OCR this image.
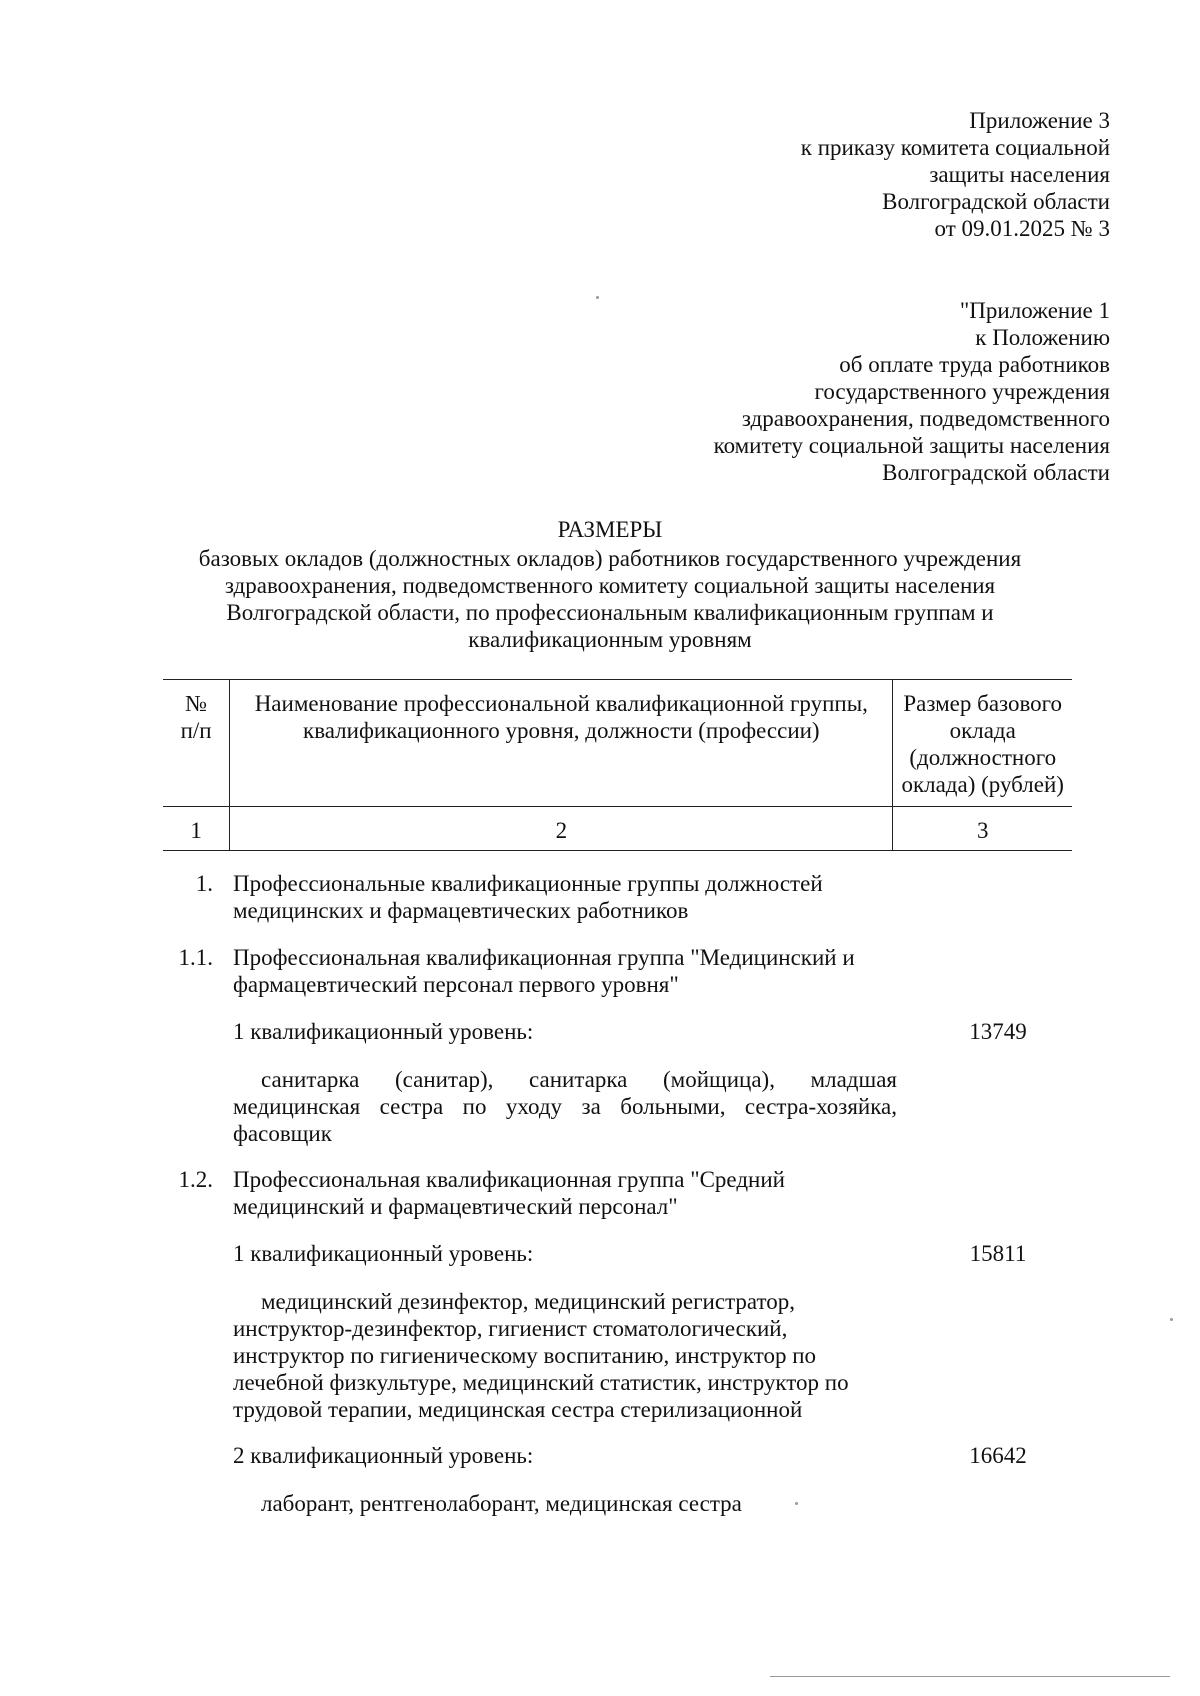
Приложение 3
к приказу комитета социальной
защиты населения
Волгоградской области
от 09.01.2025 № 3
"Приложение 1
к Положению
об оплате труда работников
государственного учреждения
здравоохранения, подведомственного
комитету социальной защиты населения
Волгоградской области
РАЗМЕРЫ
базовых окладов (должностных окладов) работников государственного учреждения
здравоохранения, подведомственного комитету социальной защиты населения
Волгоградской области, по профессиональным квалификационным группам и
квалификационным уровням
№ п/п	Наименование профессиональной квалификационной группы, квалификационного уровня, должности (профессии)	Размер базового оклада (должностного оклада) (рублей)
1	2	3
1. Профессиональные квалификационные группы должностей медицинских и фармацевтических работников
1.1. Профессиональная квалификационная группа "Медицинский и фармацевтический персонал первого уровня"
1 квалификационный уровень:	13749
санитарка (санитар), санитарка (мойщица), младшая медицинская сестра по уходу за больными, сестра-хозяйка, фасовщик
1.2. Профессиональная квалификационная группа "Средний медицинский и фармацевтический персонал"
1 квалификационный уровень:	15811
медицинский дезинфектор, медицинский регистратор, инструктор-дезинфектор, гигиенист стоматологический, инструктор по гигиеническому воспитанию, инструктор по лечебной физкультуре, медицинский статистик, инструктор по трудовой терапии, медицинская сестра стерилизационной
2 квалификационный уровень:	16642
лаборант, рентгенолаборант, медицинская сестра
